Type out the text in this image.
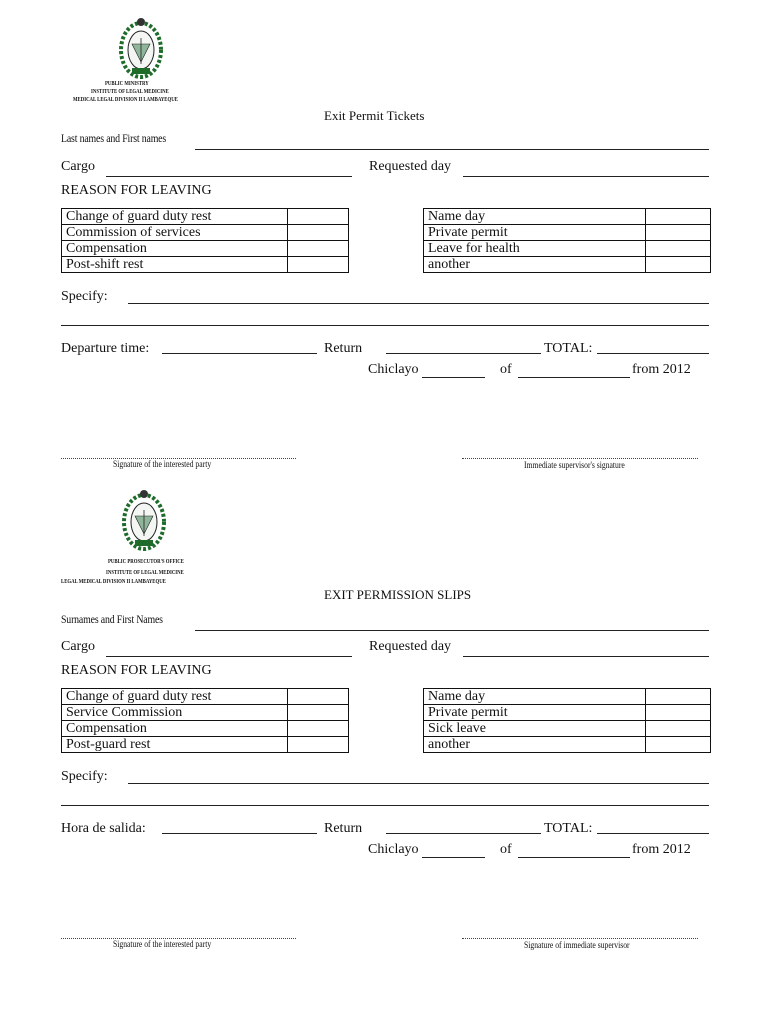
PUBLIC MINISTRY
INSTITUTE OF LEGAL MEDICINE
MEDICAL LEGAL DIVISION II LAMBAYEQUE
Exit Permit Tickets
Last names and First names
Cargo	Requested day
REASON FOR LEAVING
Change of guard duty rest	
Commission of services	
Compensation	
Post-shift rest	
Name day	
Private permit	
Leave for health	
another	
Specify:
Departure time:	Return	TOTAL:
Chiclayo	of	from 2012
Signature of the interested party	Immediate supervisor's signature
PUBLIC PROSECUTOR'S OFFICE
INSTITUTE OF LEGAL MEDICINE
LEGAL MEDICAL DIVISION II LAMBAYEQUE
EXIT PERMISSION SLIPS
Surnames and First Names
Cargo	Requested day
REASON FOR LEAVING
Change of guard duty rest	
Service Commission	
Compensation	
Post-guard rest	
Name day	
Private permit	
Sick leave	
another	
Specify:
Hora de salida:	Return	TOTAL:
Chiclayo	of	from 2012
Signature of the interested party	Signature of immediate supervisor
